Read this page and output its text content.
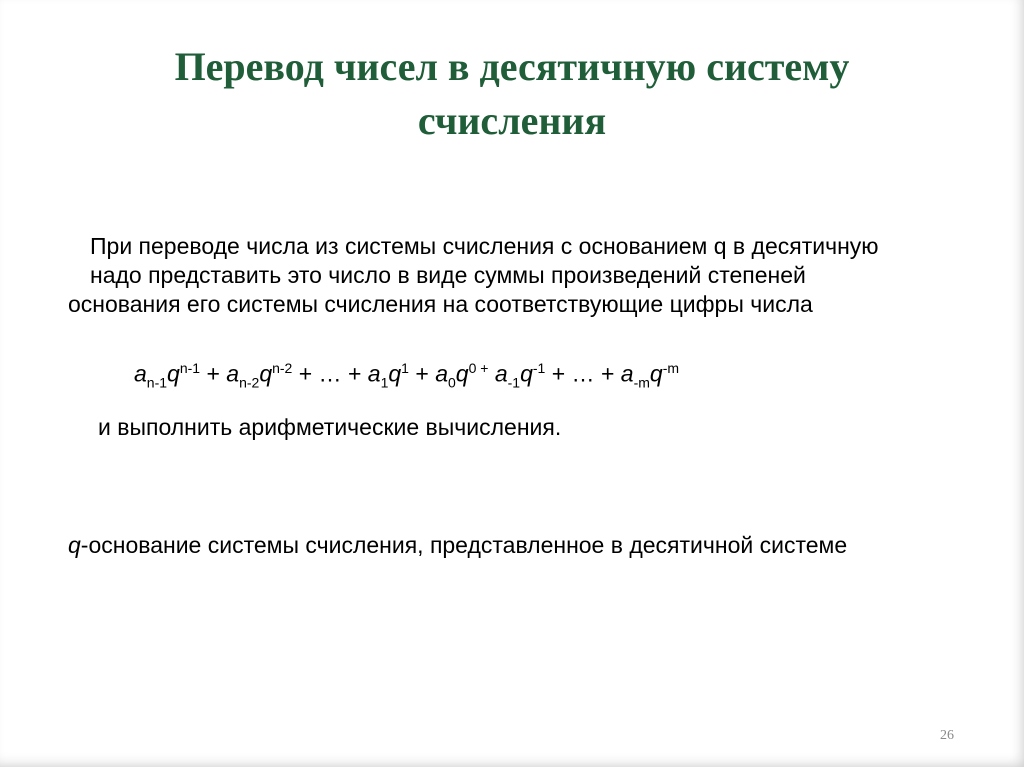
Перевод чисел в десятичную систему
счисления
При переводе числа из системы счисления с основанием q в десятичную
надо представить это число в виде суммы произведений степеней
основания его системы счисления на соответствующие цифры числа
$a_{n-1}q^{n-1} + a_{n-2}q^{n-2}$ + … + $a_1q^1 + a_0q^0$ + $a_{-1}q^{-1}$ + … + $a_{-m}q^{-m}$
и выполнить арифметические вычисления.
q-основание системы счисления, представленное в десятичной системе
26
